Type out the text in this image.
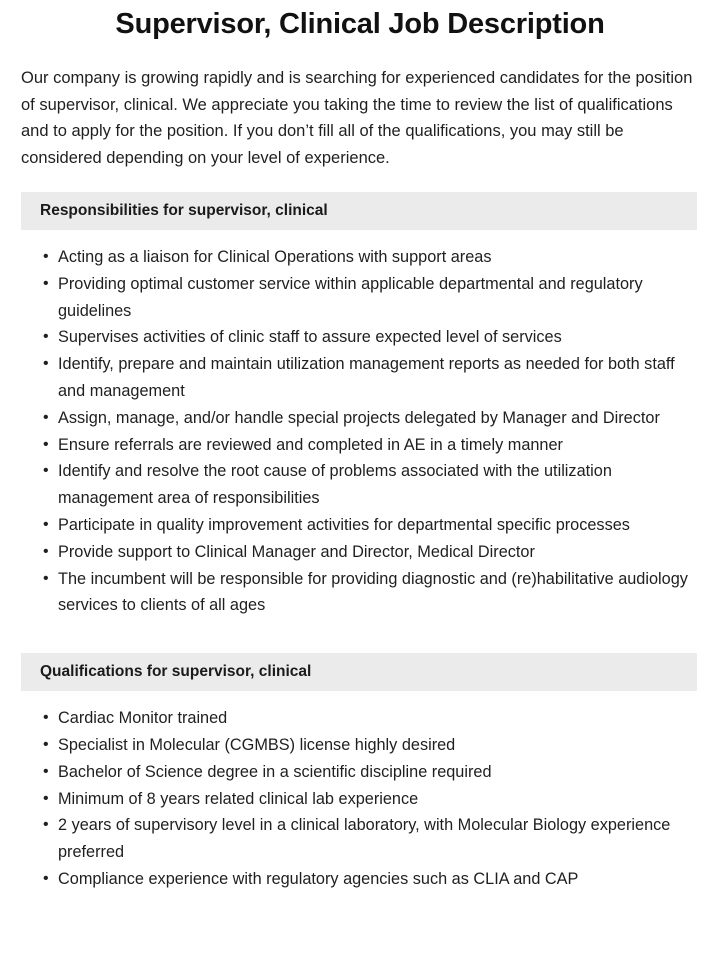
Supervisor, Clinical Job Description

Our company is growing rapidly and is searching for experienced candidates for the position of supervisor, clinical. We appreciate you taking the time to review the list of qualifications and to apply for the position. If you don’t fill all of the qualifications, you may still be considered depending on your level of experience.

Responsibilities for supervisor, clinical
• Acting as a liaison for Clinical Operations with support areas
• Providing optimal customer service within applicable departmental and regulatory guidelines
• Supervises activities of clinic staff to assure expected level of services
• Identify, prepare and maintain utilization management reports as needed for both staff and management
• Assign, manage, and/or handle special projects delegated by Manager and Director
• Ensure referrals are reviewed and completed in AE in a timely manner
• Identify and resolve the root cause of problems associated with the utilization management area of responsibilities
• Participate in quality improvement activities for departmental specific processes
• Provide support to Clinical Manager and Director, Medical Director
• The incumbent will be responsible for providing diagnostic and (re)habilitative audiology services to clients of all ages
Qualifications for supervisor, clinical
• Cardiac Monitor trained
• Specialist in Molecular (CGMBS) license highly desired
• Bachelor of Science degree in a scientific discipline required
• Minimum of 8 years related clinical lab experience
• 2 years of supervisory level in a clinical laboratory, with Molecular Biology experience preferred
• Compliance experience with regulatory agencies such as CLIA and CAP
